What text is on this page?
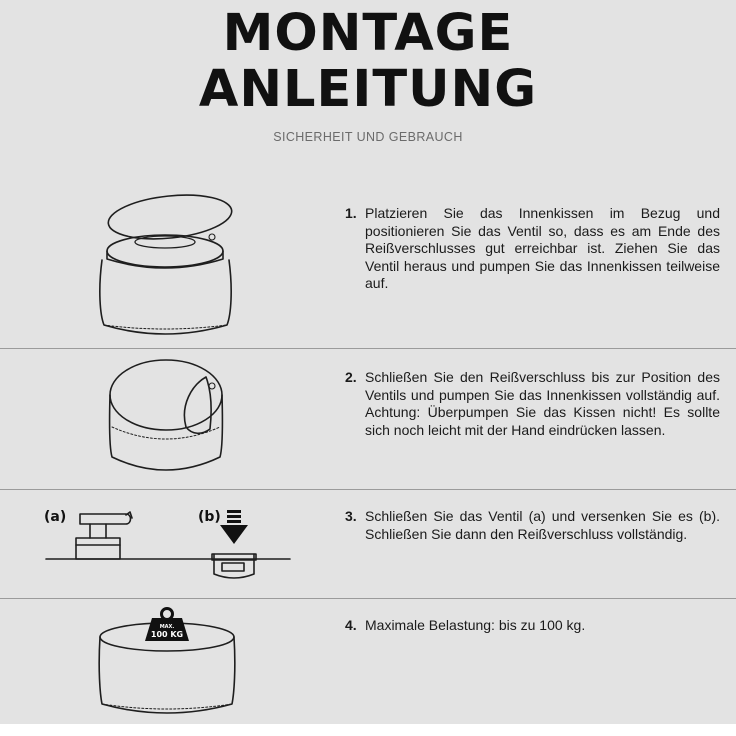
MONTAGE
ANLEITUNG
SICHERHEIT UND GEBRAUCH
1. Platzieren Sie das Innenkissen im Bezug und positionieren Sie das Ventil so, dass es am Ende des Reißverschlusses gut erreichbar ist. Ziehen Sie das Ventil heraus und pumpen Sie das Innenkissen teilweise auf.
2. Schließen Sie den Reißverschluss bis zur Position des Ventils und pumpen Sie das Innenkissen vollständig auf. Achtung: Überpumpen Sie das Kissen nicht! Es sollte sich noch leicht mit der Hand eindrücken lassen.
(a)	(b)	3. Schließen Sie das Ventil (a) und versenken Sie es (b). Schließen Sie dann den Reißverschluss vollständig.
MAX.
100 KG
4. Maximale Belastung: bis zu 100 kg.
